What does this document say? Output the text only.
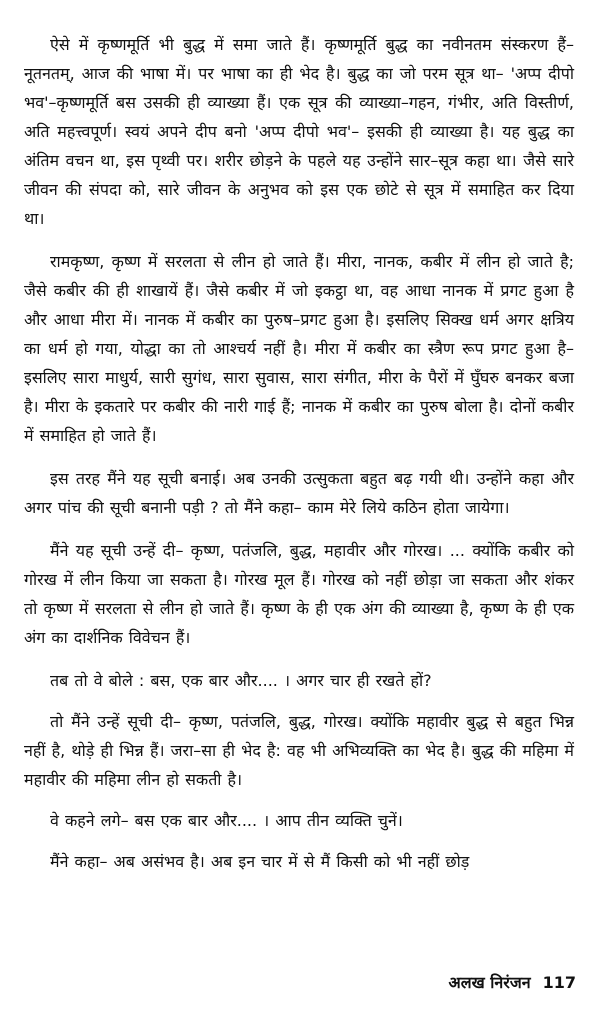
ऐसे में कृष्णमूर्ति भी बुद्ध में समा जाते हैं। कृष्णमूर्ति बुद्ध का नवीनतम संस्करण हैं–नूतनतम्, आज की भाषा में। पर भाषा का ही भेद है। बुद्ध का जो परम सूत्र था– 'अप्प दीपो भव'–कृष्णमूर्ति बस उसकी ही व्याख्या हैं। एक सूत्र की व्याख्या–गहन, गंभीर, अति विस्तीर्ण, अति महत्त्वपूर्ण। स्वयं अपने दीप बनो 'अप्प दीपो भव'– इसकी ही व्याख्या है। यह बुद्ध का अंतिम वचन था, इस पृथ्वी पर। शरीर छोड़ने के पहले यह उन्होंने सार–सूत्र कहा था। जैसे सारे जीवन की संपदा को, सारे जीवन के अनुभव को इस एक छोटे से सूत्र में समाहित कर दिया था।

रामकृष्ण, कृष्ण में सरलता से लीन हो जाते हैं। मीरा, नानक, कबीर में लीन हो जाते है; जैसे कबीर की ही शाखायें हैं। जैसे कबीर में जो इकट्ठा था, वह आधा नानक में प्रगट हुआ है और आधा मीरा में। नानक में कबीर का पुरुष–प्रगट हुआ है। इसलिए सिक्ख धर्म अगर क्षत्रिय का धर्म हो गया, योद्धा का तो आश्चर्य नहीं है। मीरा में कबीर का स्त्रैण रूप प्रगट हुआ है– इसलिए सारा माधुर्य, सारी सुगंध, सारा सुवास, सारा संगीत, मीरा के पैरों में घुँघरु बनकर बजा है। मीरा के इकतारे पर कबीर की नारी गाई हैं; नानक में कबीर का पुरुष बोला है। दोनों कबीर में समाहित हो जाते हैं।

इस तरह मैंने यह सूची बनाई। अब उनकी उत्सुकता बहुत बढ़ गयी थी। उन्होंने कहा और अगर पांच की सूची बनानी पड़ी ? तो मैंने कहा– काम मेरे लिये कठिन होता जायेगा।

मैंने यह सूची उन्हें दी– कृष्ण, पतंजलि, बुद्ध, महावीर और गोरख। ... क्योंकि कबीर को गोरख में लीन किया जा सकता है। गोरख मूल हैं। गोरख को नहीं छोड़ा जा सकता और शंकर तो कृष्ण में सरलता से लीन हो जाते हैं। कृष्ण के ही एक अंग की व्याख्या है, कृष्ण के ही एक अंग का दार्शनिक विवेचन हैं।

तब तो वे बोले : बस, एक बार और.... । अगर चार ही रखते हों?

तो मैंने उन्हें सूची दी– कृष्ण, पतंजलि, बुद्ध, गोरख। क्योंकि महावीर बुद्ध से बहुत भिन्न नहीं है, थोड़े ही भिन्न हैं। जरा–सा ही भेद है: वह भी अभिव्यक्ति का भेद है। बुद्ध की महिमा में महावीर की महिमा लीन हो सकती है।

वे कहने लगे– बस एक बार और.... । आप तीन व्यक्ति चुनें।

मैंने कहा– अब असंभव है। अब इन चार में से मैं किसी को भी नहीं छोड़

अलख निरंजन 117
